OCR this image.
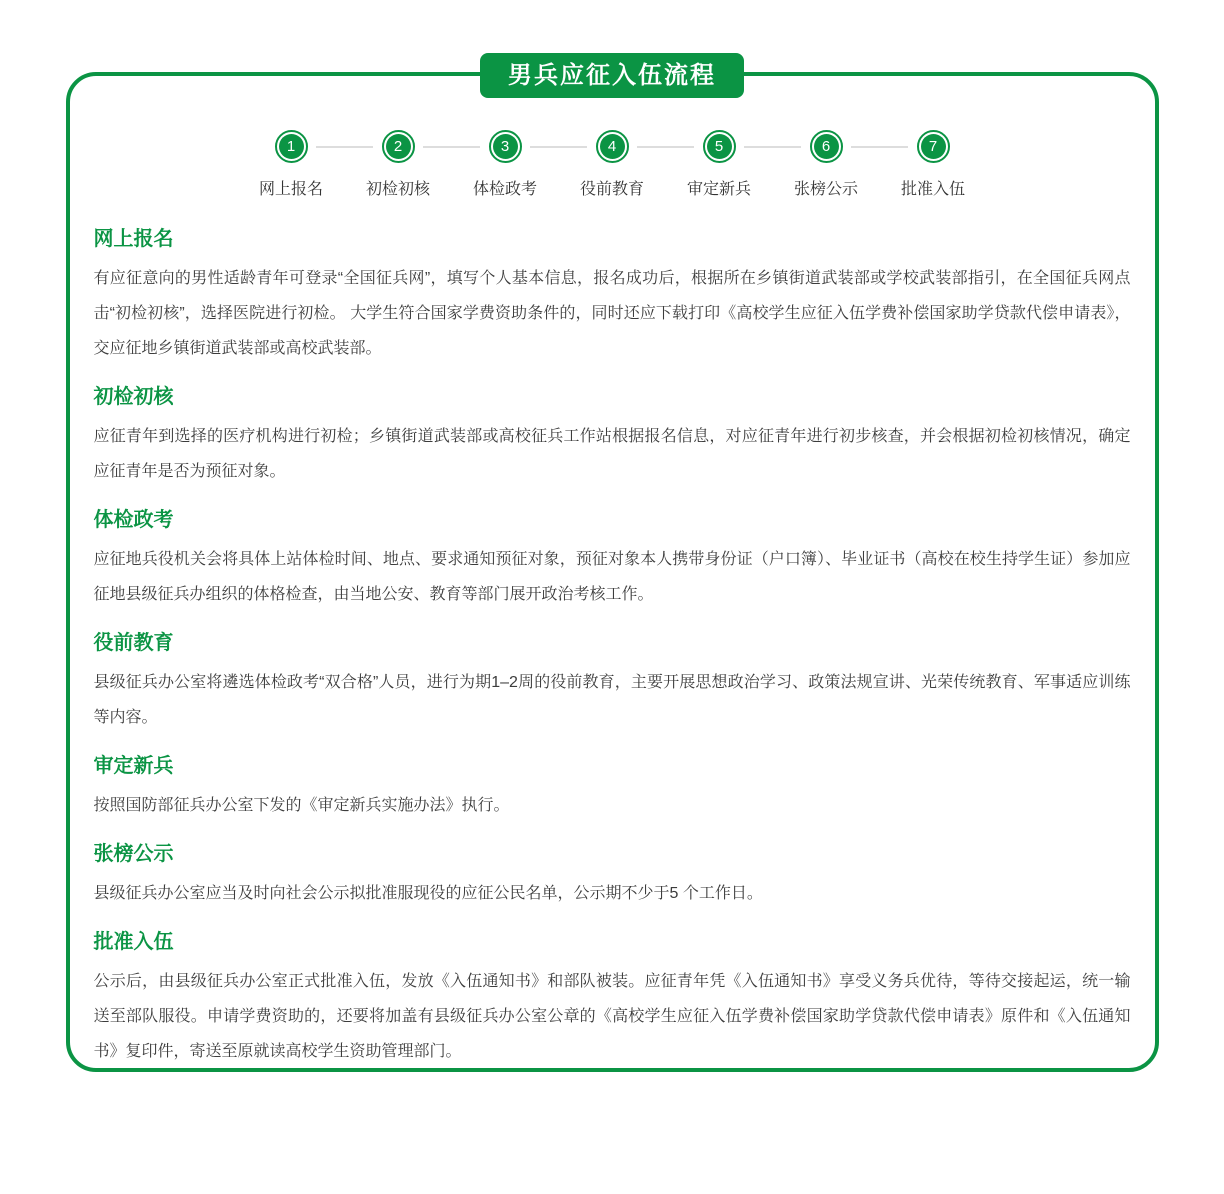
男兵应征入伍流程
1
网上报名
2
初检初核
3
体检政考
4
役前教育
5
审定新兵
6
张榜公示
7
批准入伍
网上报名

有应征意向的男性适龄青年可登录“全国征兵网”，填写个人基本信息，报名成功后，根据所在乡镇街道武装部或学校武装部指引，在全国征兵网点击“初检初核”，选择医院进行初检。 大学生符合国家学费资助条件的，同时还应下载打印《高校学生应征入伍学费补偿国家助学贷款代偿申请表》，交应征地乡镇街道武装部或高校武装部。

初检初核

应征青年到选择的医疗机构进行初检；乡镇街道武装部或高校征兵工作站根据报名信息，对应征青年进行初步核查，并会根据初检初核情况，确定应征青年是否为预征对象。

体检政考

应征地兵役机关会将具体上站体检时间、地点、要求通知预征对象，预征对象本人携带身份证（户口簿）、毕业证书（高校在校生持学生证）参加应征地县级征兵办组织的体格检查，由当地公安、教育等部门展开政治考核工作。

役前教育

县级征兵办公室将遴选体检政考“双合格”人员，进行为期1–2周的役前教育，主要开展思想政治学习、政策法规宣讲、光荣传统教育、军事适应训练等内容。

审定新兵

按照国防部征兵办公室下发的《审定新兵实施办法》执行。

张榜公示

县级征兵办公室应当及时向社会公示拟批准服现役的应征公民名单，公示期不少于5 个工作日。

批准入伍

公示后，由县级征兵办公室正式批准入伍，发放《入伍通知书》和部队被装。应征青年凭《入伍通知书》享受义务兵优待，等待交接起运，统一输送至部队服役。申请学费资助的，还要将加盖有县级征兵办公室公章的《高校学生应征入伍学费补偿国家助学贷款代偿申请表》原件和《入伍通知书》复印件，寄送至原就读高校学生资助管理部门。
